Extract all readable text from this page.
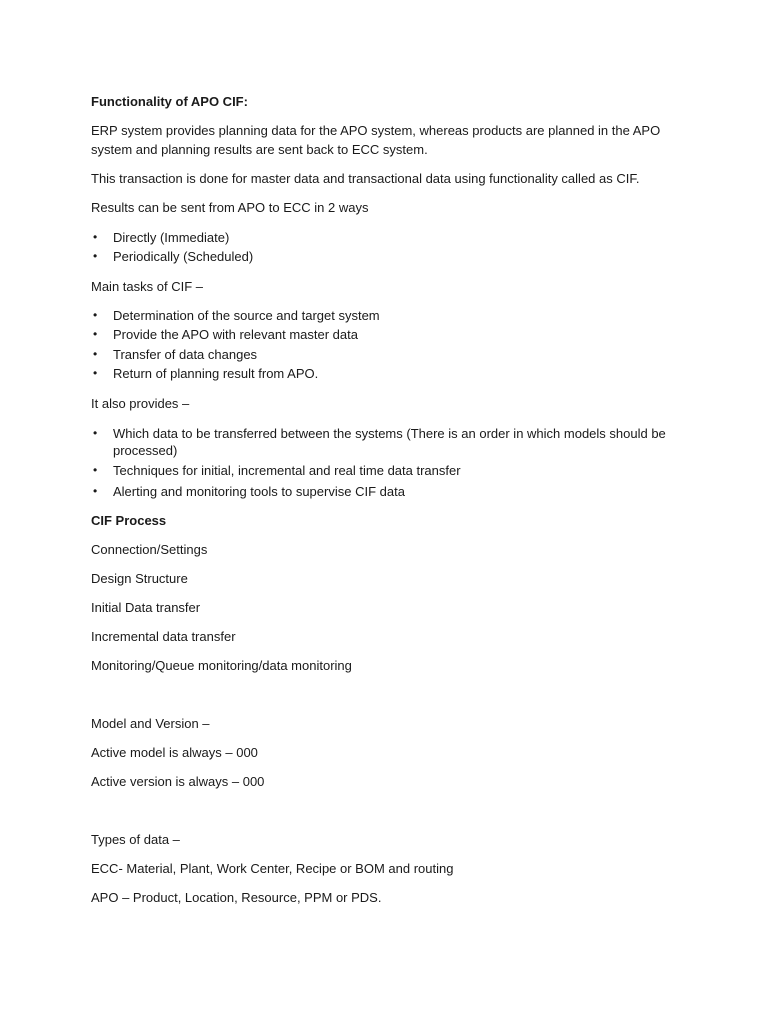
Functionality of APO CIF:

ERP system provides planning data for the APO system, whereas products are planned in the APO

system and planning results are sent back to ECC system.

This transaction is done for master data and transactional data using functionality called as CIF.

Results can be sent from APO to ECC in 2 ways

• Directly (Immediate)

• Periodically (Scheduled)

Main tasks of CIF –

• Determination of the source and target system

• Provide the APO with relevant master data

• Transfer of data changes

• Return of planning result from APO.

It also provides –

• Which data to be transferred between the systems (There is an order in which models should be processed)

• Techniques for initial, incremental and real time data transfer

• Alerting and monitoring tools to supervise CIF data

CIF Process

Connection/Settings

Design Structure

Initial Data transfer

Incremental data transfer

Monitoring/Queue monitoring/data monitoring

Model and Version –

Active model is always – 000

Active version is always – 000

Types of data –

ECC- Material, Plant, Work Center, Recipe or BOM and routing

APO – Product, Location, Resource, PPM or PDS.
